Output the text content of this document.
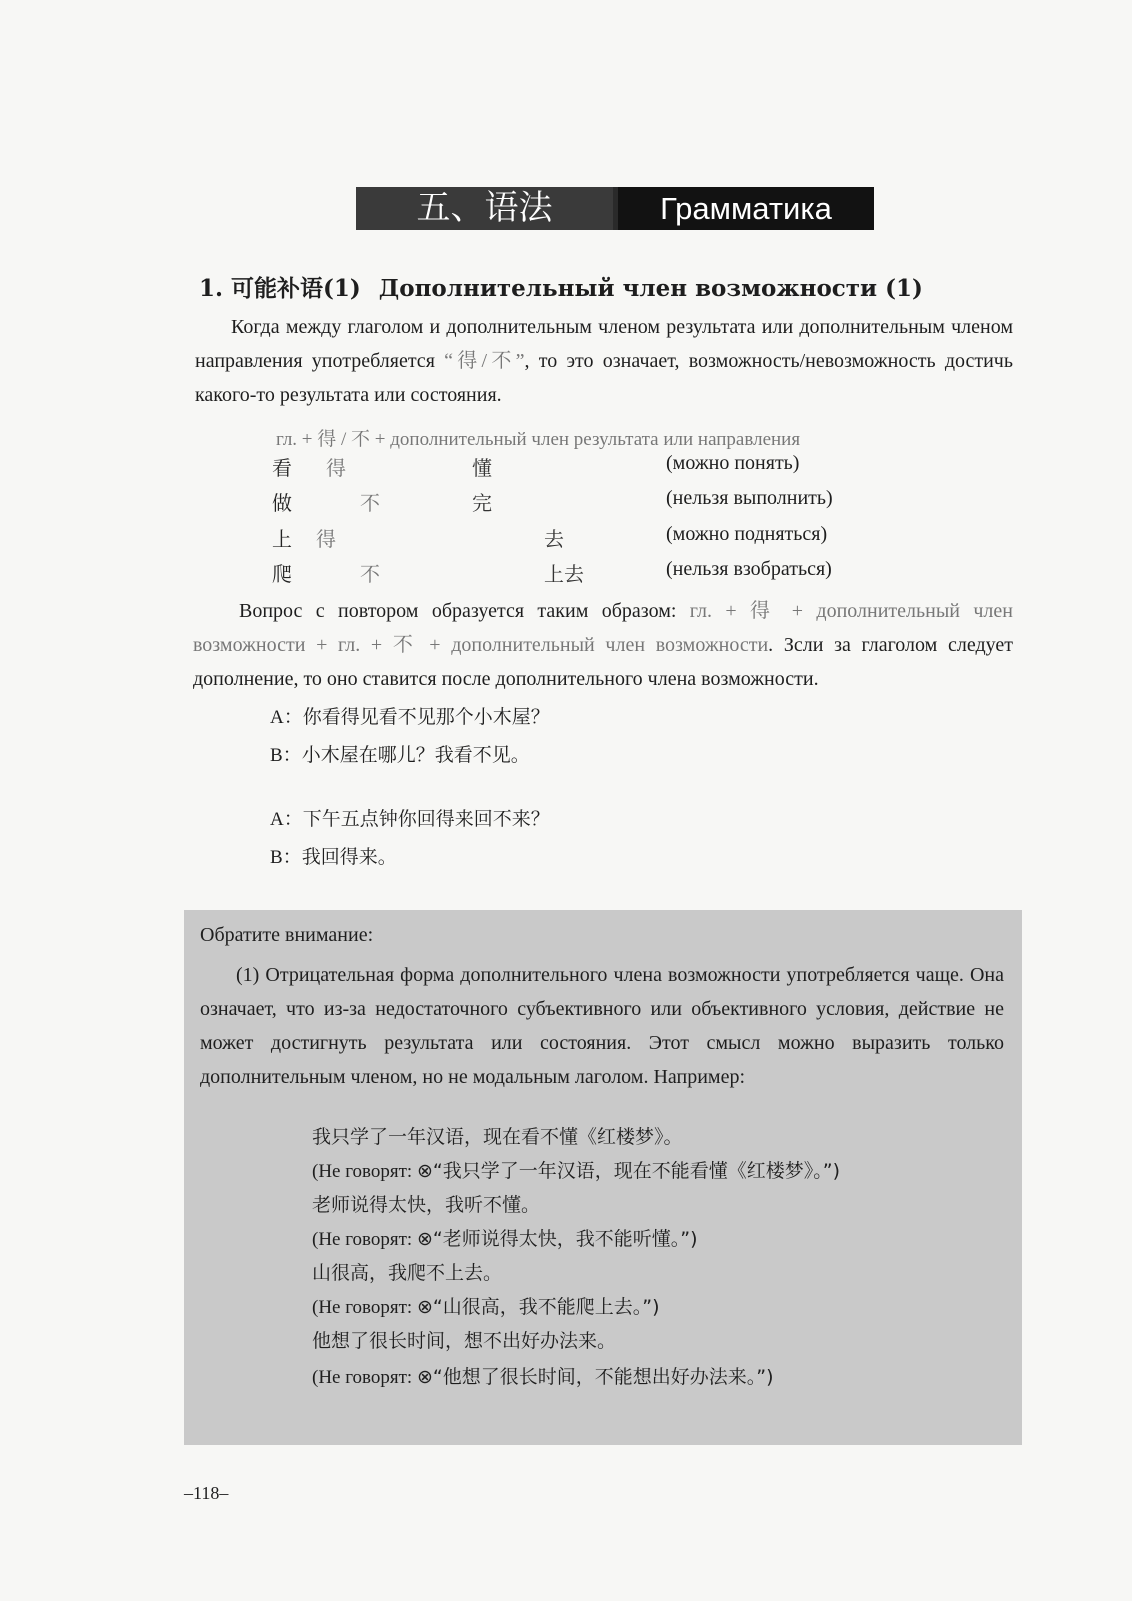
五、语法	Грамматика
1. 可能补语(1) Дополнительный член возможности (1)
Когда между глаголом и дополнительным членом результата или дополнительным членом направления употребляется “得/不”, то это означает, возможность/невозможность достичь какого-то результата или состояния.
гл. + 得 / 不 + дополнительный член результата или направления
看 得	懂	(можно понять)
做	不	完	(нельзя выполнить)
上 得	去	(можно подняться)
爬	不	上去	(нельзя взобраться)
Вопрос с повтором образуется таким образом: гл. + 得 + дополнительный член возможности + гл. + 不 + дополнительный член возможности. Зсли за глаголом следует дополнение, то оно ставится после дополнительного члена возможности.
A：你看得见看不见那个小木屋？
B：小木屋在哪儿？我看不见。
A：下午五点钟你回得来回不来？
B：我回得来。
Обратите внимание:
(1) Отрицательная форма дополнительного члена возможности употребляется чаще. Она означает, что из-за недостаточного субъективного или объективного условия, действие не может достигнуть результата или состояния. Этот смысл можно выразить только дополнительным членом, но не модальным лаголом. Например:
我只学了一年汉语，现在看不懂《红楼梦》。
(Не говорят: ⊗“我只学了一年汉语，现在不能看懂《红楼梦》。”)
老师说得太快，我听不懂。
(Не говорят: ⊗“老师说得太快，我不能听懂。”)
山很高，我爬不上去。
(Не говорят: ⊗“山很高，我不能爬上去。”)
他想了很长时间，想不出好办法来。
(Не говорят: ⊗“他想了很长时间，不能想出好办法来。”)
–118–
